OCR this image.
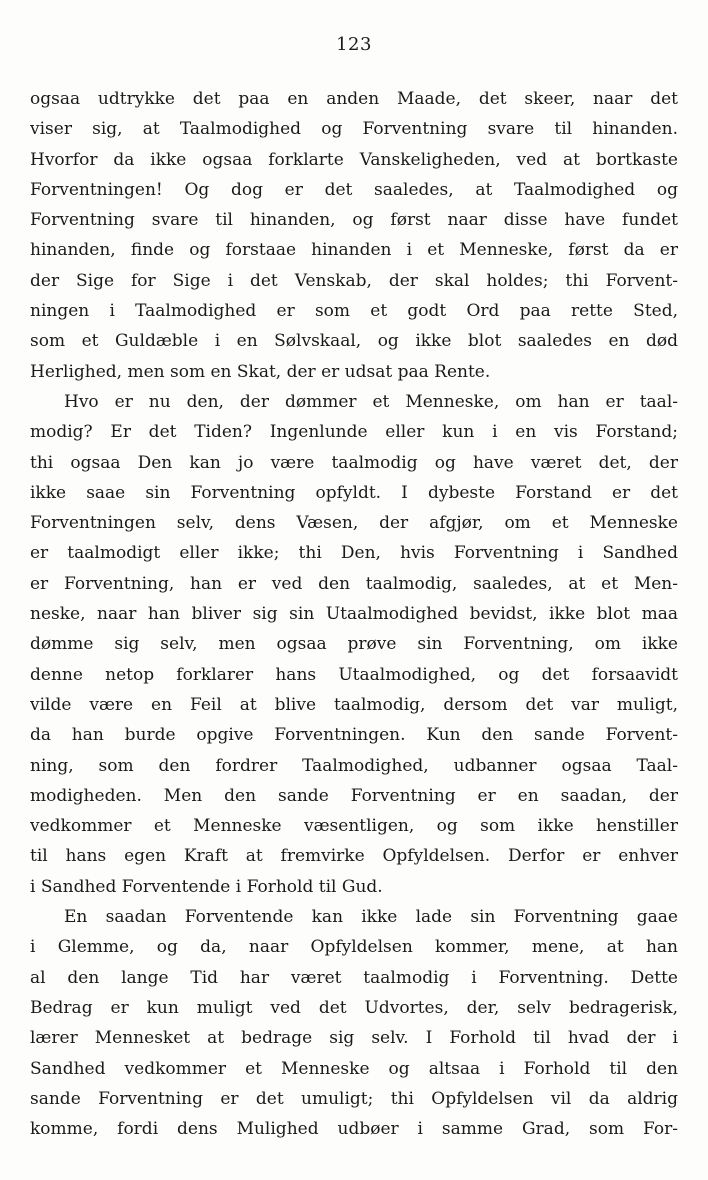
123
ogsaa udtrykke det paa en anden Maade, det skeer, naar det
viser sig, at Taalmodighed og Forventning svare til hinanden.
Hvorfor da ikke ogsaa forklarte Vanskeligheden, ved at bortkaste
Forventningen! Og dog er det saaledes, at Taalmodighed og
Forventning svare til hinanden, og først naar disse have fundet
hinanden, finde og forstaae hinanden i et Menneske, først da er
der Sige for Sige i det Venskab, der skal holdes; thi Forvent-
ningen i Taalmodighed er som et godt Ord paa rette Sted,
som et Guldæble i en Sølvskaal, og ikke blot saaledes en død
Herlighed, men som en Skat, der er udsat paa Rente.
Hvo er nu den, der dømmer et Menneske, om han er taal-
modig? Er det Tiden? Ingenlunde eller kun i en vis Forstand;
thi ogsaa Den kan jo være taalmodig og have været det, der
ikke saae sin Forventning opfyldt. I dybeste Forstand er det
Forventningen selv, dens Væsen, der afgjør, om et Menneske
er taalmodigt eller ikke; thi Den, hvis Forventning i Sandhed
er Forventning, han er ved den taalmodig, saaledes, at et Men-
neske, naar han bliver sig sin Utaalmodighed bevidst, ikke blot maa
dømme sig selv, men ogsaa prøve sin Forventning, om ikke
denne netop forklarer hans Utaalmodighed, og det forsaavidt
vilde være en Feil at blive taalmodig, dersom det var muligt,
da han burde opgive Forventningen. Kun den sande Forvent-
ning, som den fordrer Taalmodighed, udbanner ogsaa Taal-
modigheden. Men den sande Forventning er en saadan, der
vedkommer et Menneske væsentligen, og som ikke henstiller
til hans egen Kraft at fremvirke Opfyldelsen. Derfor er enhver
i Sandhed Forventende i Forhold til Gud.
En saadan Forventende kan ikke lade sin Forventning gaae
i Glemme, og da, naar Opfyldelsen kommer, mene, at han
al den lange Tid har været taalmodig i Forventning. Dette
Bedrag er kun muligt ved det Udvortes, der, selv bedragerisk,
lærer Mennesket at bedrage sig selv. I Forhold til hvad der i
Sandhed vedkommer et Menneske og altsaa i Forhold til den
sande Forventning er det umuligt; thi Opfyldelsen vil da aldrig
komme, fordi dens Mulighed udbøer i samme Grad, som For-
